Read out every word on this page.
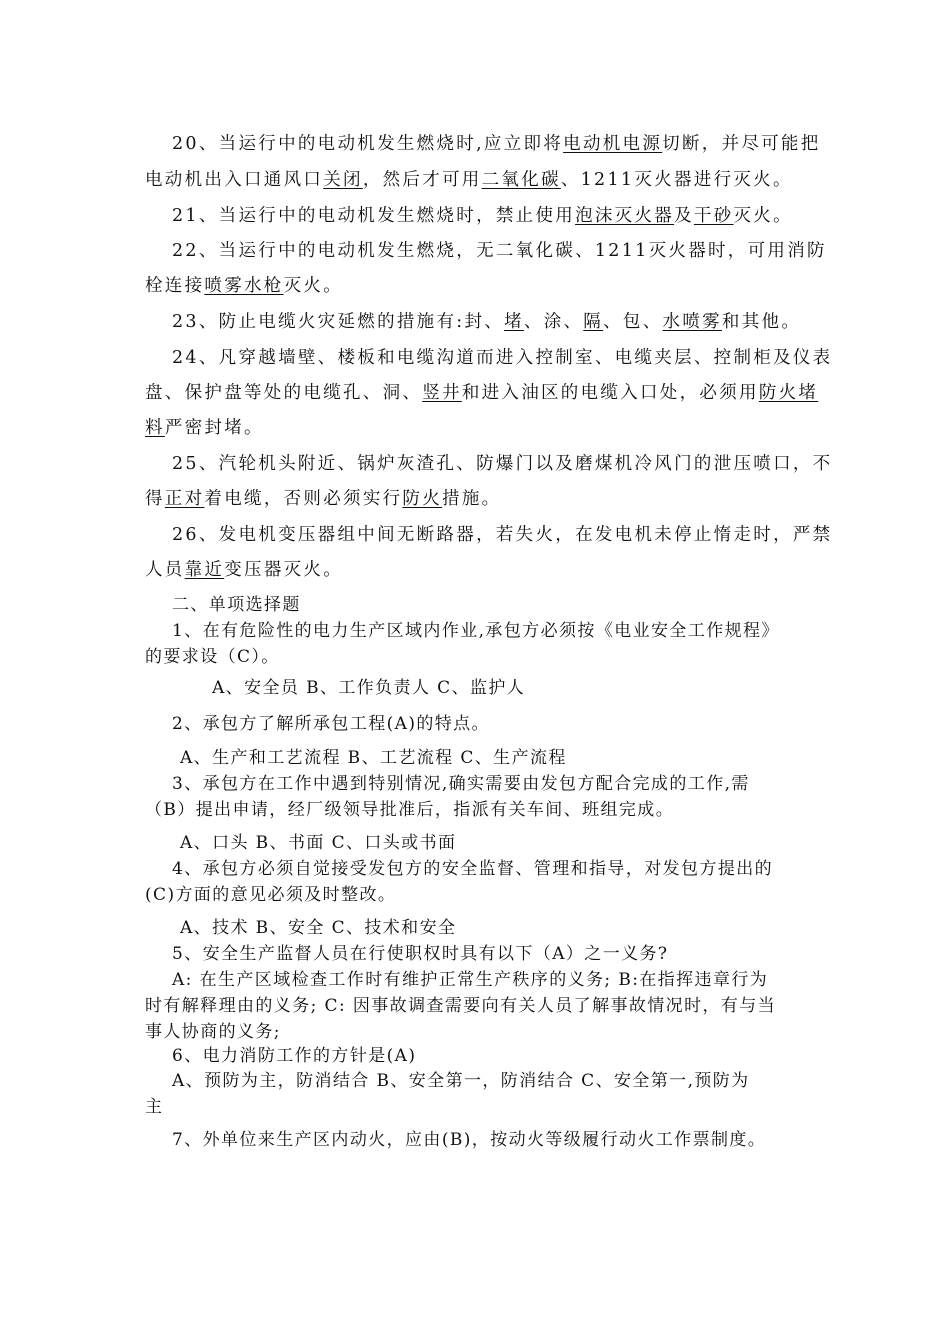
20、当运行中的电动机发生燃烧时,应立即将电动机电源切断，并尽可能把
电动机出入口通风口关闭，然后才可用二氧化碳、1211灭火器进行灭火。
21、当运行中的电动机发生燃烧时，禁止使用泡沫灭火器及干砂灭火。
22、当运行中的电动机发生燃烧，无二氧化碳、1211灭火器时，可用消防
栓连接喷雾水枪灭火。
23、防止电缆火灾延燃的措施有:封、堵、涂、隔、包、水喷雾和其他。
24、凡穿越墙壁、楼板和电缆沟道而进入控制室、电缆夹层、控制柜及仪表
盘、保护盘等处的电缆孔、洞、竖井和进入油区的电缆入口处，必须用防火堵
料严密封堵。
25、汽轮机头附近、锅炉灰渣孔、防爆门以及磨煤机冷风门的泄压喷口，不
得正对着电缆，否则必须实行防火措施。
26、发电机变压器组中间无断路器，若失火，在发电机未停止惰走时，严禁
人员靠近变压器灭火。
二、单项选择题
1、在有危险性的电力生产区域内作业,承包方必须按《电业安全工作规程》
的要求设（C）。
A、安全员 B、工作负责人 C、监护人
2、承包方了解所承包工程(A)的特点。
A、生产和工艺流程 B、工艺流程 C、生产流程
3、承包方在工作中遇到特别情况,确实需要由发包方配合完成的工作,需
（B）提出申请，经厂级领导批准后，指派有关车间、班组完成。
A、口头 B、书面 C、口头或书面
4、承包方必须自觉接受发包方的安全监督、管理和指导，对发包方提出的
(C)方面的意见必须及时整改。
A、技术 B、安全 C、技术和安全
5、安全生产监督人员在行使职权时具有以下（A）之一义务?
A: 在生产区域检查工作时有维护正常生产秩序的义务; B:在指挥违章行为
时有解释理由的义务; C: 因事故调查需要向有关人员了解事故情况时，有与当
事人协商的义务;
6、电力消防工作的方针是(A)
A、预防为主，防消结合 B、安全第一，防消结合 C、安全第一,预防为
主
7、外单位来生产区内动火，应由(B)，按动火等级履行动火工作票制度。
